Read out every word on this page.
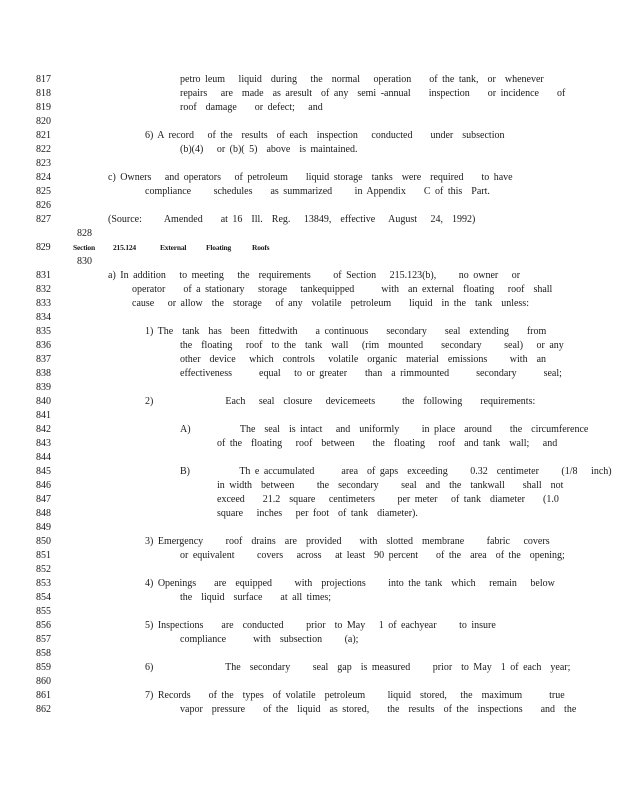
817	petro leum   liquid  during   the  normal   operation    of the tank,  or  whenever
818	repairs   are  made  as aresult  of any  semi -annual    inspection    or incidence    of
819	roof  damage    or defect;   and
820
821	6) A record   of the  results  of each  inspection   conducted    under  subsection
822	(b)(4)   or (b)( 5)  above  is maintained.
823
824	c) Owners   and operators   of petroleum    liquid storage  tanks  were  required    to have
825	compliance     schedules    as summarized     in Appendix    C of this  Part.
826
827	(Source:     Amended    at 16  Ill.  Reg.   13849,  effective   August   24,  1992)
831	a) In addition   to meeting   the  requirements     of Section   215.123(b),     no owner   or
832	operator    of a stationary   storage   tankequipped      with  an external  floating   roof  shall
833	cause   or allow  the  storage   of any  volatile  petroleum    liquid  in the  tank  unless:
834
835	1) The  tank  has  been  fittedwith    a continuous    secondary    seal  extending    from
836	the  floating   roof  to the  tank  wall   (rim  mounted    secondary     seal)   or any
837	other  device   which  controls   volatile  organic  material  emissions     with  an
838	effectiveness      equal   to or greater    than  a rimmounted      secondary      seal;
839
840	2)                Each   seal  closure   devicemeets      the  following    requirements:
841
842	A)           The  seal  is intact   and  uniformly     in place  around    the  circumference
843	of the  floating   roof  between    the  floating   roof  and tank  wall;   and
844
845	B)           Th e accumulated      area  of gaps  exceeding     0.32  centimeter     (1/8   inch)
846	in width  between     the  secondary     seal  and  the  tankwall    shall  not
847	exceed    21.2  square   centimeters     per meter   of tank  diameter    (1.0
848	square   inches   per foot  of tank  diameter).
849
850	3) Emergency     roof  drains  are  provided    with  slotted  membrane     fabric   covers
851	or equivalent     covers   across   at least  90 percent    of the  area  of the  opening;
852
853	4) Openings    are  equipped     with  projections     into the tank  which   remain   below
854	the  liquid  surface    at all times;
855
856	5) Inspections    are  conducted     prior  to May   1 of eachyear     to insure
857	compliance      with  subsection     (a);
858
859	6)                The  secondary     seal  gap  is measured     prior  to May  1 of each  year;
860
861	7) Records    of the  types  of volatile  petroleum     liquid  stored,   the  maximum      true
862	vapor  pressure    of the  liquid  as stored,    the  results  of the  inspections    and  the
828

829

	Section

215.124

	External

	Floating

	Roofs

830
